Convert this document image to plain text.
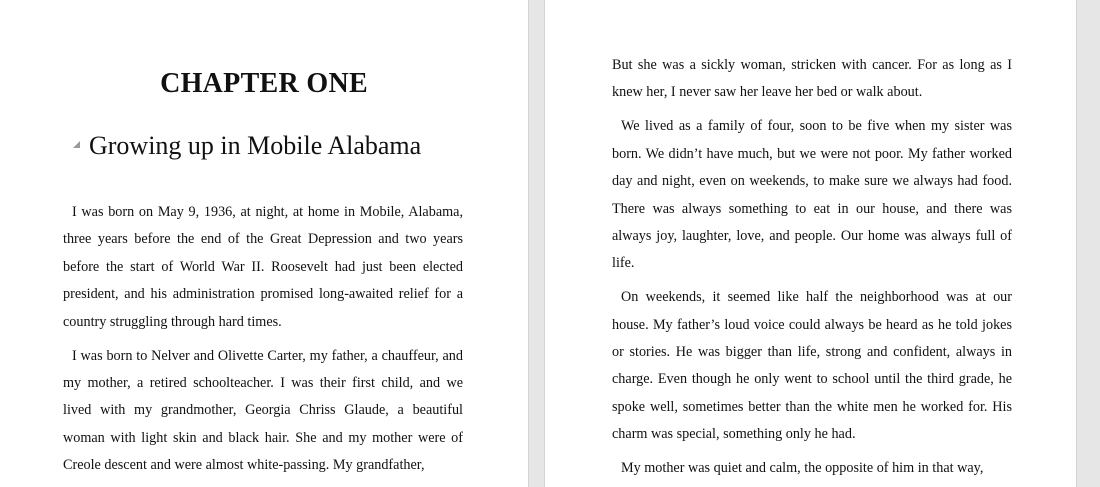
CHAPTER ONE
Growing up in Mobile Alabama

I was born on May 9, 1936, at night, at home in Mobile, Alabama, three years before the end of the Great Depression and two years before the start of World War II. Roosevelt had just been elected president, and his administration promised long-awaited relief for a country struggling through hard times.

I was born to Nelver and Olivette Carter, my father, a chauffeur, and my mother, a retired schoolteacher. I was their first child, and we lived with my grandmother, Georgia Chriss Glaude, a beautiful woman with light skin and black hair. She and my mother were of Creole descent and were almost white-passing. My grandfather,

But she was a sickly woman, stricken with cancer. For as long as I knew her, I never saw her leave her bed or walk about.

We lived as a family of four, soon to be five when my sister was born. We didn’t have much, but we were not poor. My father worked day and night, even on weekends, to make sure we always had food. There was always something to eat in our house, and there was always joy, laughter, love, and people. Our home was always full of life.

On weekends, it seemed like half the neighborhood was at our house. My father’s loud voice could always be heard as he told jokes or stories. He was bigger than life, strong and confident, always in charge. Even though he only went to school until the third grade, he spoke well, sometimes better than the white men he worked for. His charm was special, something only he had.

My mother was quiet and calm, the opposite of him in that way,
